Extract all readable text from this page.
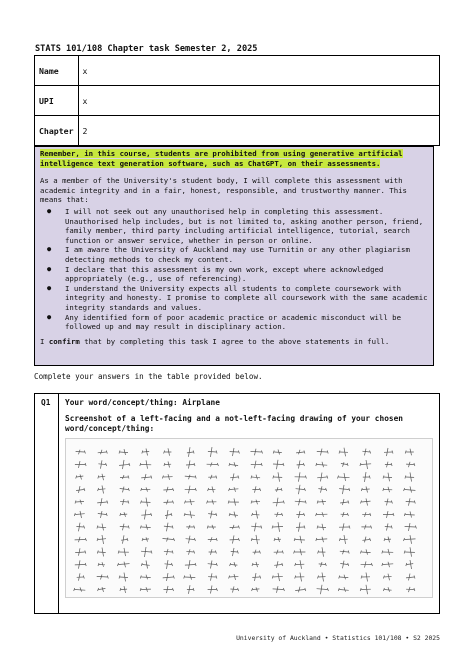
STATS 101/108 Chapter task Semester 2, 2025
Name	x
UPI	x
Chapter	2

Remember, in this course, students are prohibited from using generative artificial intelligence text generation software, such as ChatGPT, on their assessments.

As a member of the University's student body, I will complete this assessment with academic integrity and in a fair, honest, responsible, and trustworthy manner. This means that:

● I will not seek out any unauthorised help in completing this assessment. Unauthorised help includes, but is not limited to, asking another person, friend, family member, third party including artificial intelligence, tutorial, search function or answer service, whether in person or online.
● I am aware the University of Auckland may use Turnitin or any other plagiarism detecting methods to check my content.
● I declare that this assessment is my own work, except where acknowledged appropriately (e.g., use of referencing).
● I understand the University expects all students to complete coursework with integrity and honesty. I promise to complete all coursework with the same academic integrity standards and values.
● Any identified form of poor academic practice or academic misconduct will be followed up and may result in disciplinary action.

I confirm that by completing this task I agree to the above statements in full.

Complete your answers in the table provided below.
Q1	Your word/concept/thing: Airplane
Screenshot of a left-facing and a not-left-facing drawing of your chosen word/concept/thing:
University of Auckland • Statistics 101/108 • S2 2025
